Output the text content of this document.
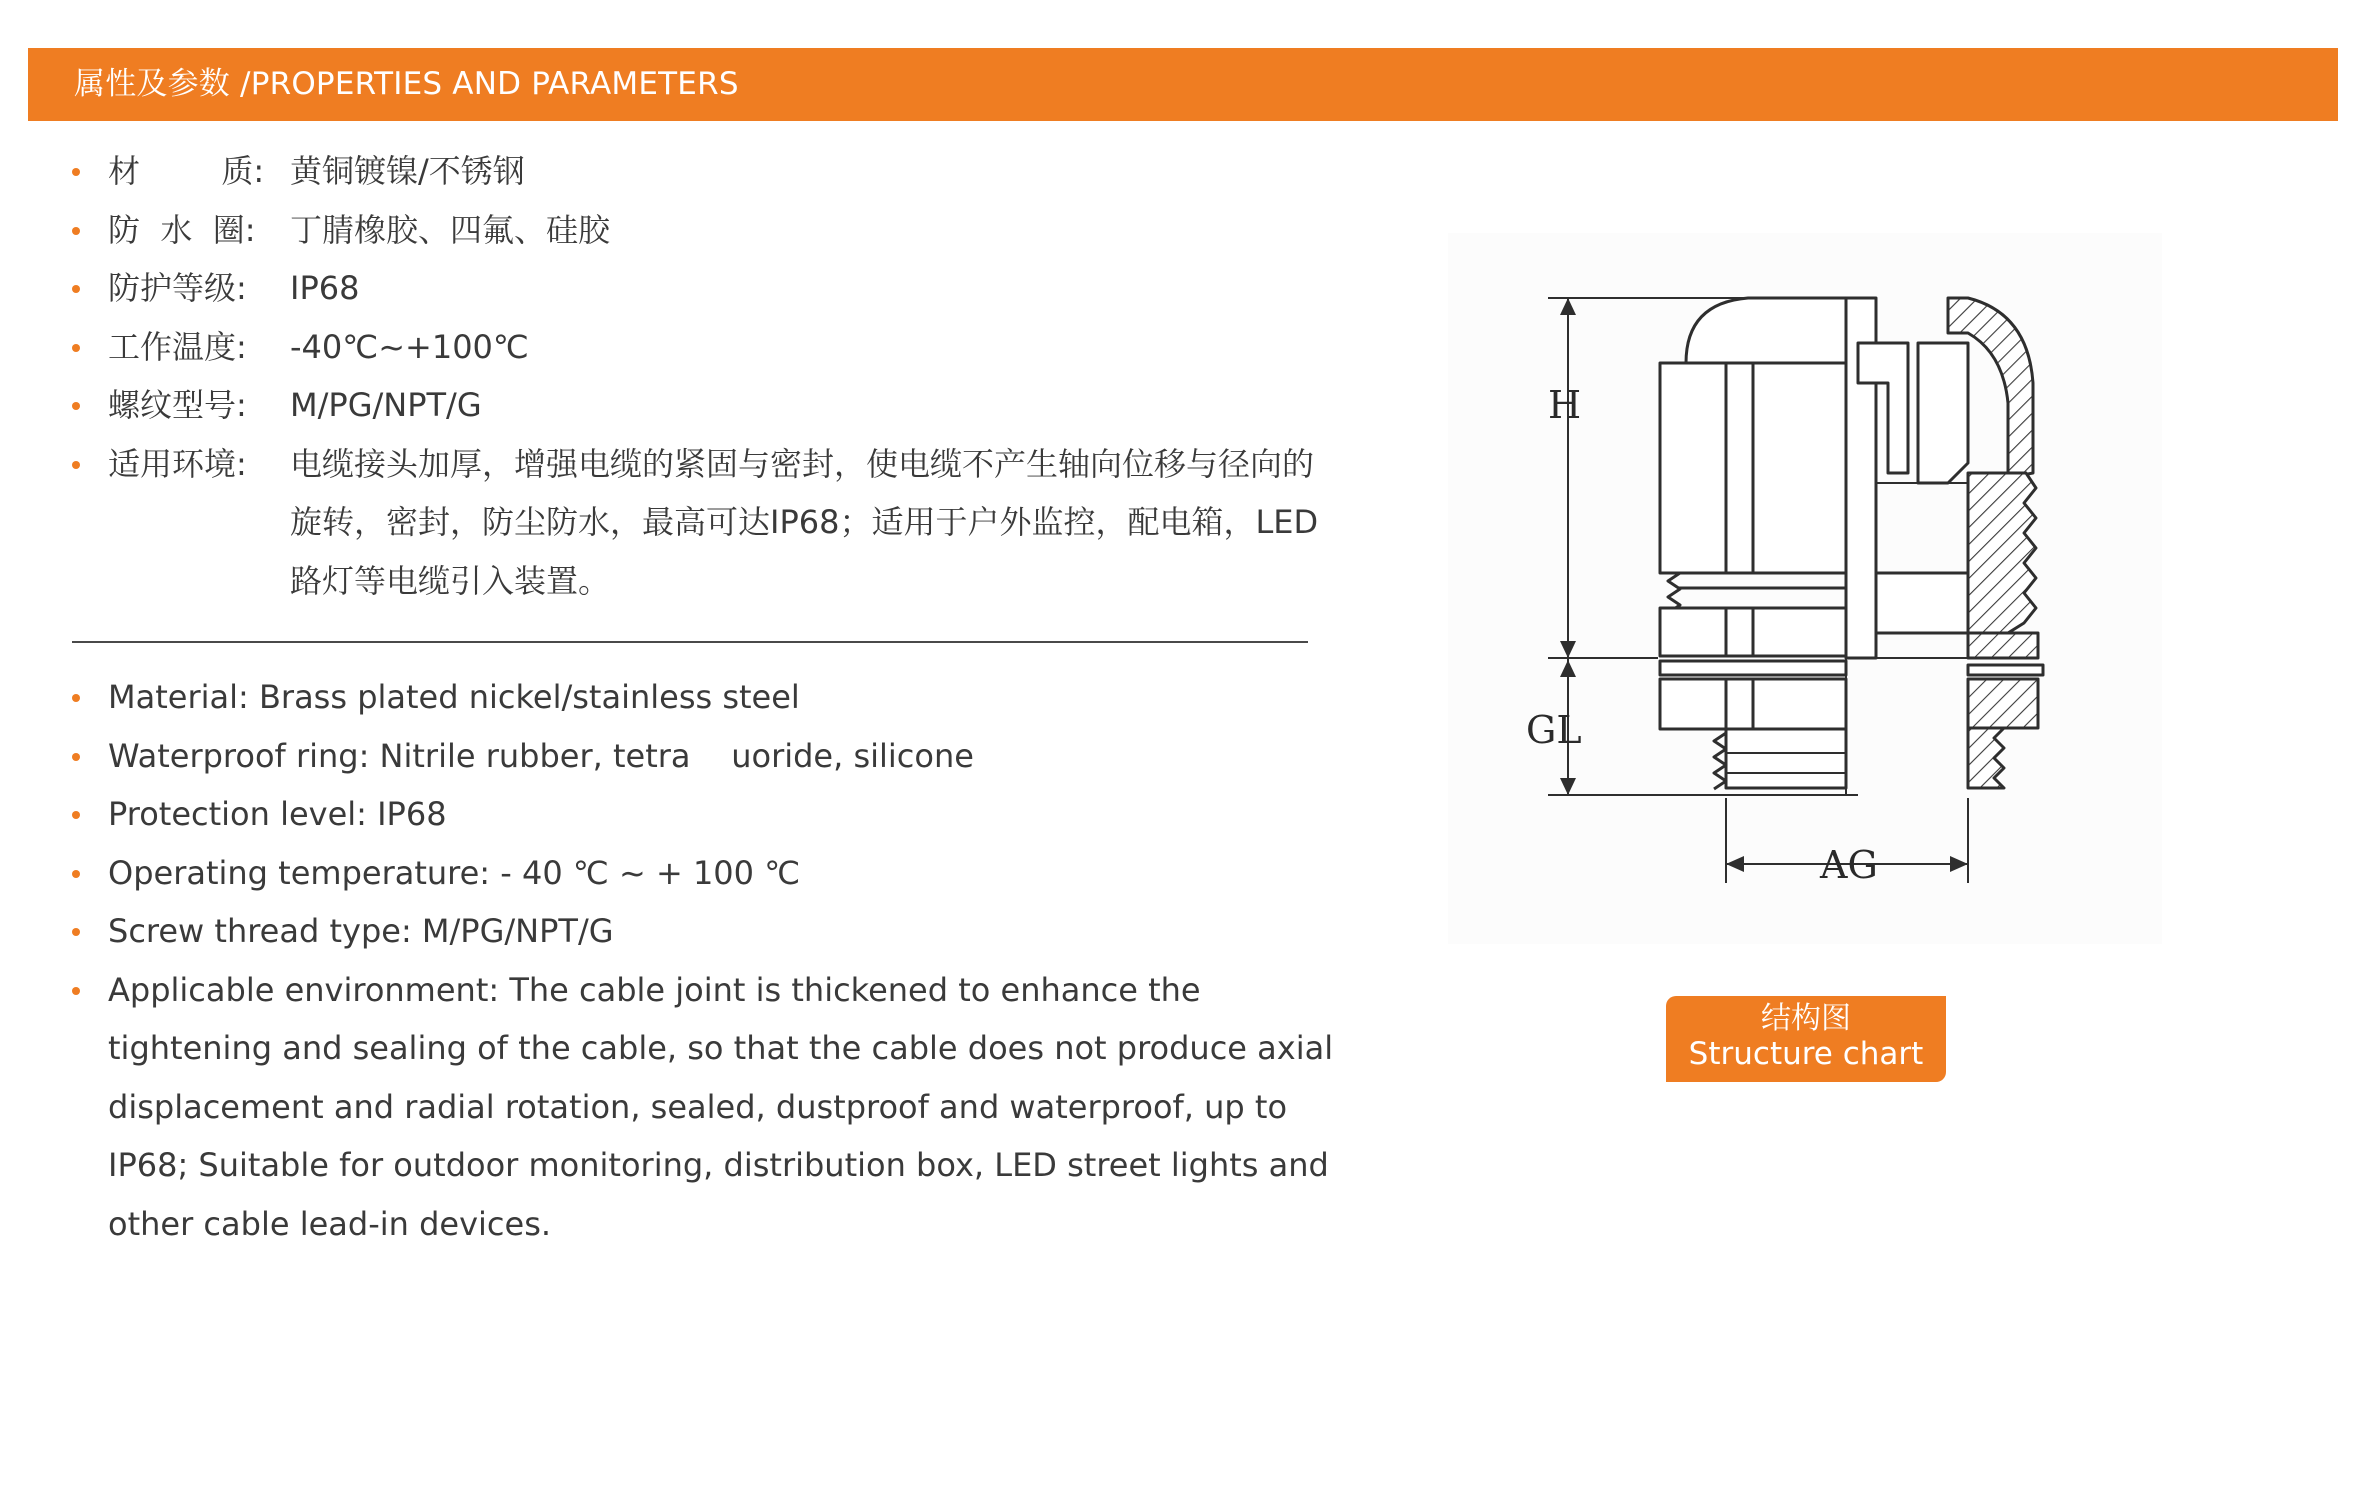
属性及参数 /PROPERTIES AND PARAMETERS
材        质: 黄铜镀镍/不锈钢
防  水  圈: 丁腈橡胶、四氟、硅胶
防护等级: IP68
工作温度: -40℃~+100℃
螺纹型号: M/PG/NPT/G
适用环境: 电缆接头加厚，增强电缆的紧固与密封，使电缆不产生轴向位移与径向的旋转，密封，防尘防水，最高可达IP68；适用于户外监控，配电箱，LED路灯等电缆引入装置。
Material: Brass plated nickel/stainless steel
Waterproof ring: Nitrile rubber, tetra    uoride, silicone
Protection level: IP68
Operating temperature: - 40 ℃ ~ + 100 ℃
Screw thread type: M/PG/NPT/G
Applicable environment: The cable joint is thickened to enhance the tightening and sealing of the cable, so that the cable does not produce axial displacement and radial rotation, sealed, dustproof and waterproof, up to IP68; Suitable for outdoor monitoring, distribution box, LED street lights and other cable lead-in devices.
H
GL
AG
结构图
Structure chart
